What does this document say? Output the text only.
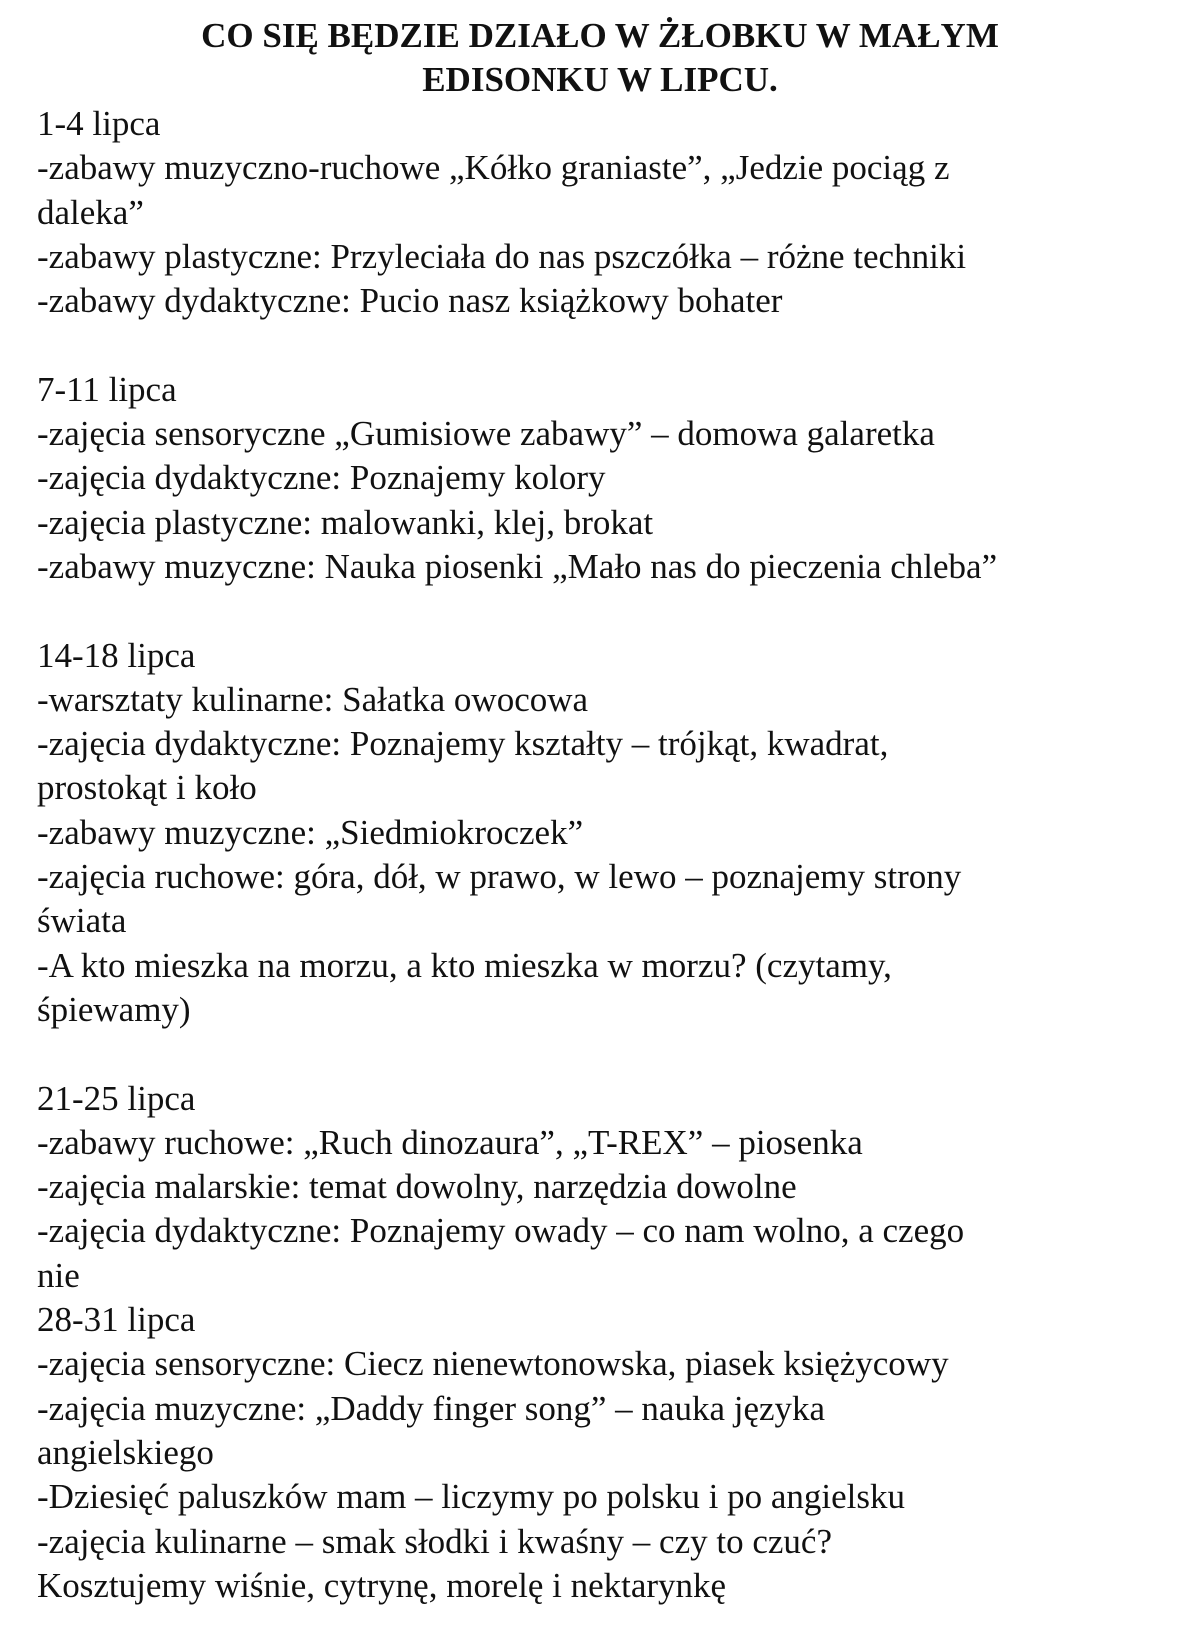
CO SIĘ BĘDZIE DZIAŁO W ŻŁOBKU W MAŁYM
EDISONKU W LIPCU.
1-4 lipca
-zabawy muzyczno-ruchowe „Kółko graniaste”, „Jedzie pociąg z
daleka”
-zabawy plastyczne: Przyleciała do nas pszczółka – różne techniki
-zabawy dydaktyczne: Pucio nasz książkowy bohater
7-11 lipca
-zajęcia sensoryczne „Gumisiowe zabawy” – domowa galaretka
-zajęcia dydaktyczne: Poznajemy kolory
-zajęcia plastyczne: malowanki, klej, brokat
-zabawy muzyczne: Nauka piosenki „Mało nas do pieczenia chleba”
14-18 lipca
-warsztaty kulinarne: Sałatka owocowa
-zajęcia dydaktyczne: Poznajemy kształty – trójkąt, kwadrat,
prostokąt i koło
-zabawy muzyczne: „Siedmiokroczek”
-zajęcia ruchowe: góra, dół, w prawo, w lewo – poznajemy strony
świata
-A kto mieszka na morzu, a kto mieszka w morzu? (czytamy,
śpiewamy)
21-25 lipca
-zabawy ruchowe: „Ruch dinozaura”, „T-REX” – piosenka
-zajęcia malarskie: temat dowolny, narzędzia dowolne
-zajęcia dydaktyczne: Poznajemy owady – co nam wolno, a czego
nie
28-31 lipca
-zajęcia sensoryczne: Ciecz nienewtonowska, piasek księżycowy
-zajęcia muzyczne: „Daddy finger song” – nauka języka
angielskiego
-Dziesięć paluszków mam – liczymy po polsku i po angielsku
-zajęcia kulinarne – smak słodki i kwaśny – czy to czuć?
Kosztujemy wiśnie, cytrynę, morelę i nektarynkę
